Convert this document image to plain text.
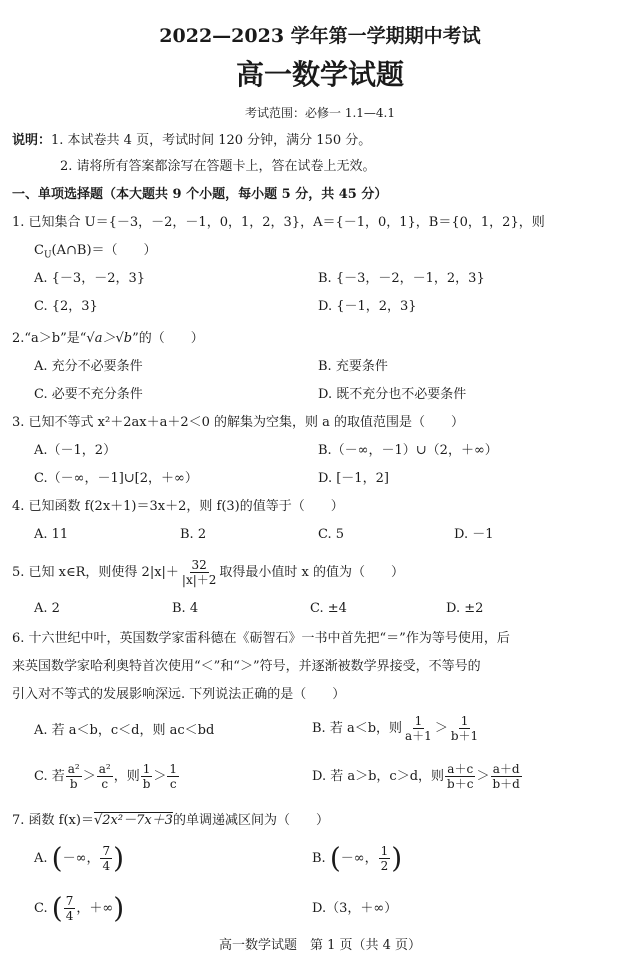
2022—2023 学年第一学期期中考试
高一数学试题
考试范围：必修一 1.1—4.1
说明：1. 本试卷共 4 页，考试时间 120 分钟，满分 150 分。
2. 请将所有答案都涂写在答题卡上，答在试卷上无效。
一、单项选择题（本大题共 9 个小题，每小题 5 分，共 45 分）
1. 已知集合 U＝{－3，－2，－1，0，1，2，3}，A＝{－1，0，1}，B＝{0，1，2}，则
$C_U(A\cap B)=$（　　）
A. {－3，－2，3}	B. {－3，－2，－1，2，3}
C. {2，3}	D. {－1，2，3}
2.“a＞b”是“√a＞√b”的（　　）
A. 充分不必要条件	B. 充要条件
C. 必要不充分条件	D. 既不充分也不必要条件
3. 已知不等式 x²＋2ax＋a＋2＜0 的解集为空集，则 a 的取值范围是（　　）
A.（－1，2）	B.（－∞，－1）∪（2，＋∞）
C.（－∞，－1]∪[2，＋∞）	D. [－1，2]
4. 已知函数 f(2x＋1)＝3x＋2，则 f(3)的值等于（　　）
A. 11	B. 2	C. 5	D. －1
5. 已知 x∈R，则使得 $2|x|+ \frac{32}{|x|+2}$ 取得最小值时 x 的值为（　　）
A. 2	B. 4	C. ±4	D. ±2
6. 十六世纪中叶，英国数学家雷科德在《砺智石》一书中首先把“＝”作为等号使用，后
来英国数学家哈利奥特首次使用“＜”和“＞”符号，并逐渐被数学界接受，不等号的
引入对不等式的发展影响深远. 下列说法正确的是（　　）
A. 若 a＜b，c＜d，则 ac＜bd	B. 若 a＜b，则 $\frac{1}{a+1} > \frac{1}{b+1}$
C. 若 $\frac{\text{a²}}{b} > \frac{\text{a²}}{c}$ ，则 $\frac{1}{b} > \frac{1}{c}$	D. 若 a＞b，c＞d，则 $\frac{a+c}{b+c} > \frac{a+d}{b+d}$
7. 函数 f(x)＝√2x²－7x＋3的单调递减区间为（　　）
A. (－∞， $\frac{7}{4}$ )	B. (－∞， $\frac{1}{2}$ )
C. ( $\frac{7}{4}$ ，＋∞)	D.（3，＋∞）
高一数学试题　第 1 页（共 4 页）
